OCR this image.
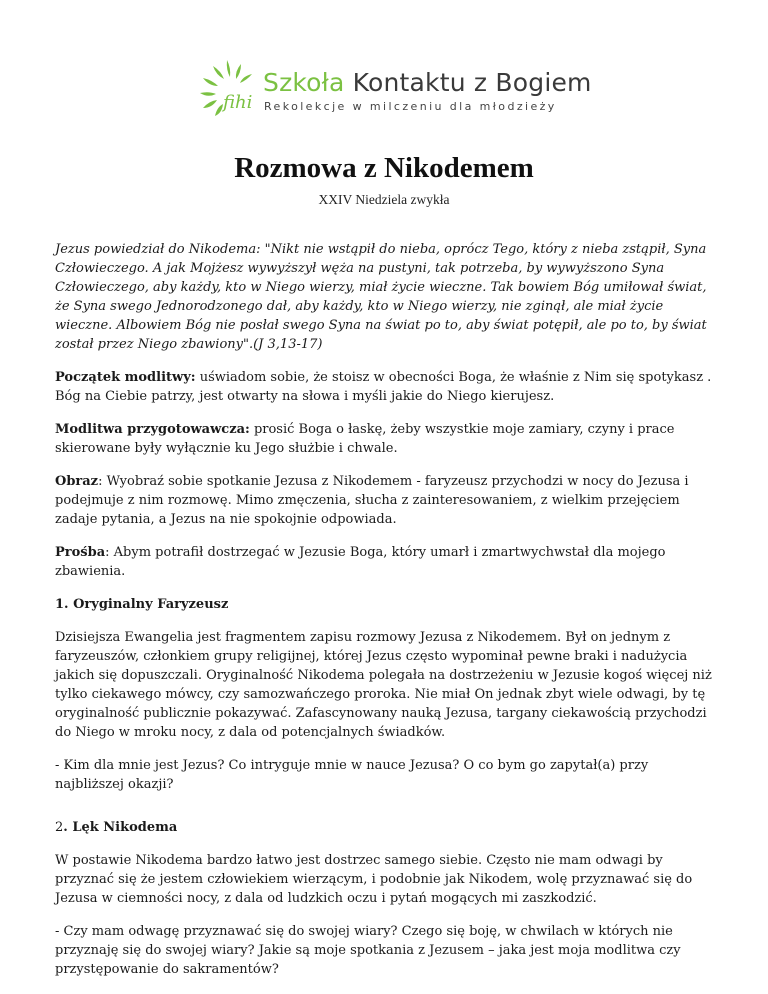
fihi
Szkoła Kontaktu z Bogiem
Rekolekcje w milczeniu dla młodzieży
Rozmowa z Nikodemem
XXIV Niedziela zwykła

Jezus powiedział do Nikodema: "Nikt nie wstąpił do nieba, oprócz Tego, który z nieba zstąpił, Syna Człowieczego. A jak Mojżesz wywyższył węża na pustyni, tak potrzeba, by wywyższono Syna Człowieczego, aby każdy, kto w Niego wierzy, miał życie wieczne. Tak bowiem Bóg umiłował świat, że Syna swego Jednorodzonego dał, aby każdy, kto w Niego wierzy, nie zginął, ale miał życie wieczne. Albowiem Bóg nie posłał swego Syna na świat po to, aby świat potępił, ale po to, by świat został przez Niego zbawiony".(J 3,13-17)

Początek modlitwy: uświadom sobie, że stoisz w obecności Boga, że właśnie z Nim się spotykasz . Bóg na Ciebie patrzy, jest otwarty na słowa i myśli jakie do Niego kierujesz.

Modlitwa przygotowawcza: prosić Boga o łaskę, żeby wszystkie moje zamiary, czyny i prace skierowane były wyłącznie ku Jego służbie i chwale.

Obraz: Wyobraź sobie spotkanie Jezusa z Nikodemem - faryzeusz przychodzi w nocy do Jezusa i podejmuje z nim rozmowę. Mimo zmęczenia, słucha z zainteresowaniem, z wielkim przejęciem zadaje pytania, a Jezus na nie spokojnie odpowiada.

Prośba: Abym potrafił dostrzegać w Jezusie Boga, który umarł i zmartwychwstał dla mojego zbawienia.

1. Oryginalny Faryzeusz

Dzisiejsza Ewangelia jest fragmentem zapisu rozmowy Jezusa z Nikodemem. Był on jednym z faryzeuszów, członkiem grupy religijnej, której Jezus często wypominał pewne braki i nadużycia jakich się dopuszczali. Oryginalność Nikodema polegała na dostrzeżeniu w Jezusie kogoś więcej niż tylko ciekawego mówcy, czy samozwańczego proroka. Nie miał On jednak zbyt wiele odwagi, by tę oryginalność publicznie pokazywać. Zafascynowany nauką Jezusa, targany ciekawością przychodzi do Niego w mroku nocy, z dala od potencjalnych świadków.

- Kim dla mnie jest Jezus? Co intryguje mnie w nauce Jezusa? O co bym go zapytał(a) przy najbliższej okazji?

2. Lęk Nikodema

W postawie Nikodema bardzo łatwo jest dostrzec samego siebie. Często nie mam odwagi by przyznać się że jestem człowiekiem wierzącym, i podobnie jak Nikodem, wolę przyznawać się do Jezusa w ciemności nocy, z dala od ludzkich oczu i pytań mogących mi zaszkodzić.

- Czy mam odwagę przyznawać się do swojej wiary? Czego się boję, w chwilach w których nie przyznaję się do swojej wiary? Jakie są moje spotkania z Jezusem – jaka jest moja modlitwa czy przystępowanie do sakramentów?
